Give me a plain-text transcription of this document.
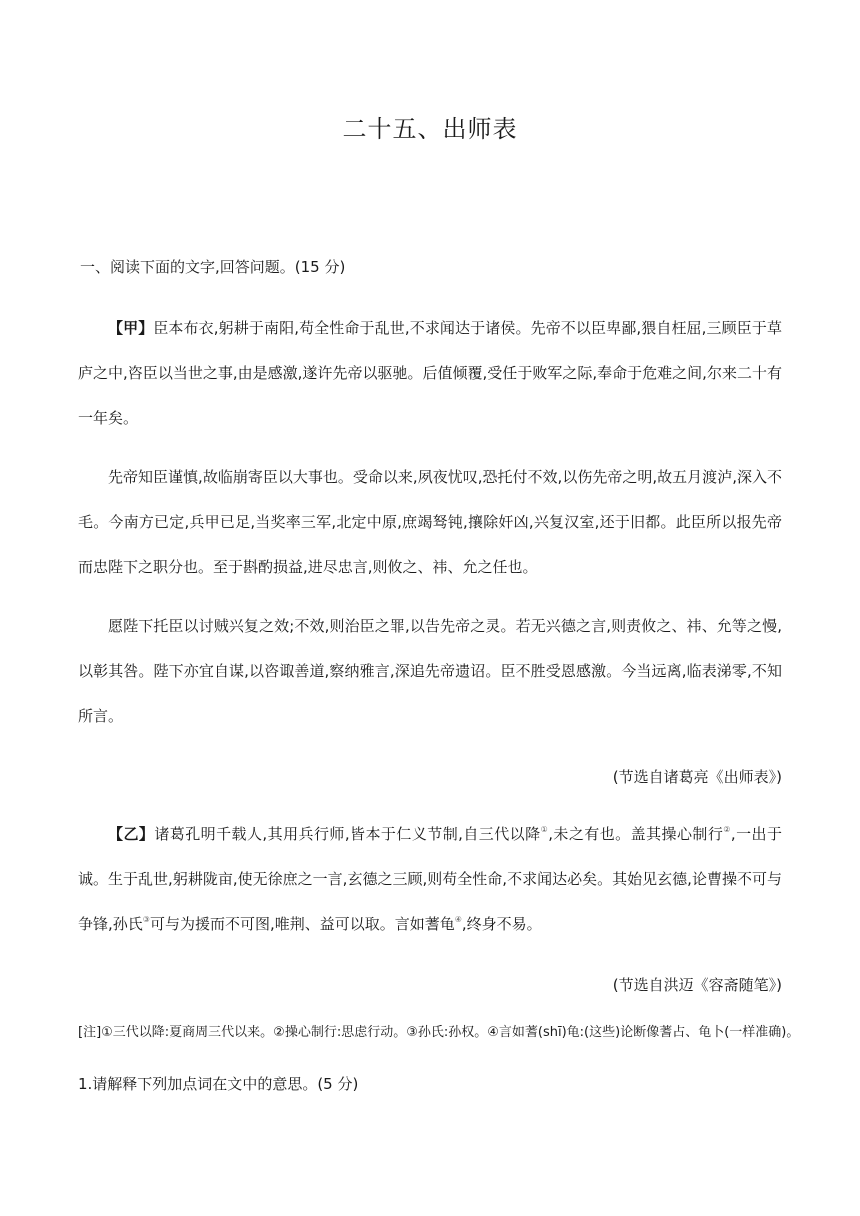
二十五、出师表
一、阅读下面的文字,回答问题。(15 分)
【甲】臣本布衣,躬耕于南阳,苟全性命于乱世,不求闻达于诸侯。先帝不以臣卑鄙,猥自枉屈,三顾臣于草庐之中,咨臣以当世之事,由是感激,遂许先帝以驱驰。后值倾覆,受任于败军之际,奉命于危难之间,尔来二十有一年矣。
先帝知臣谨慎,故临崩寄臣以大事也。受命以来,夙夜忧叹,恐托付不效,以伤先帝之明,故五月渡泸,深入不毛。今南方已定,兵甲已足,当奖率三军,北定中原,庶竭驽钝,攘除奸凶,兴复汉室,还于旧都。此臣所以报先帝而忠陛下之职分也。至于斟酌损益,进尽忠言,则攸之、祎、允之任也。
愿陛下托臣以讨贼兴复之效;不效,则治臣之罪,以告先帝之灵。若无兴德之言,则责攸之、祎、允等之慢,以彰其咎。陛下亦宜自谋,以咨诹善道,察纳雅言,深追先帝遗诏。臣不胜受恩感激。今当远离,临表涕零,不知所言。
(节选自诸葛亮《出师表》)
【乙】诸葛孔明千载人,其用兵行师,皆本于仁义节制,自三代以降①,未之有也。盖其操心制行②,一出于诚。生于乱世,躬耕陇亩,使无徐庶之一言,玄德之三顾,则苟全性命,不求闻达必矣。其始见玄德,论曹操不可与争锋,孙氏③可与为援而不可图,唯荆、益可以取。言如蓍龟④,终身不易。
(节选自洪迈《容斋随笔》)
[注]①三代以降:夏商周三代以来。②操心制行:思虑行动。③孙氏:孙权。④言如蓍(shī)龟:(这些)论断像蓍占、龟卜(一样准确)。
1.请解释下列加点词在文中的意思。(5 分)
